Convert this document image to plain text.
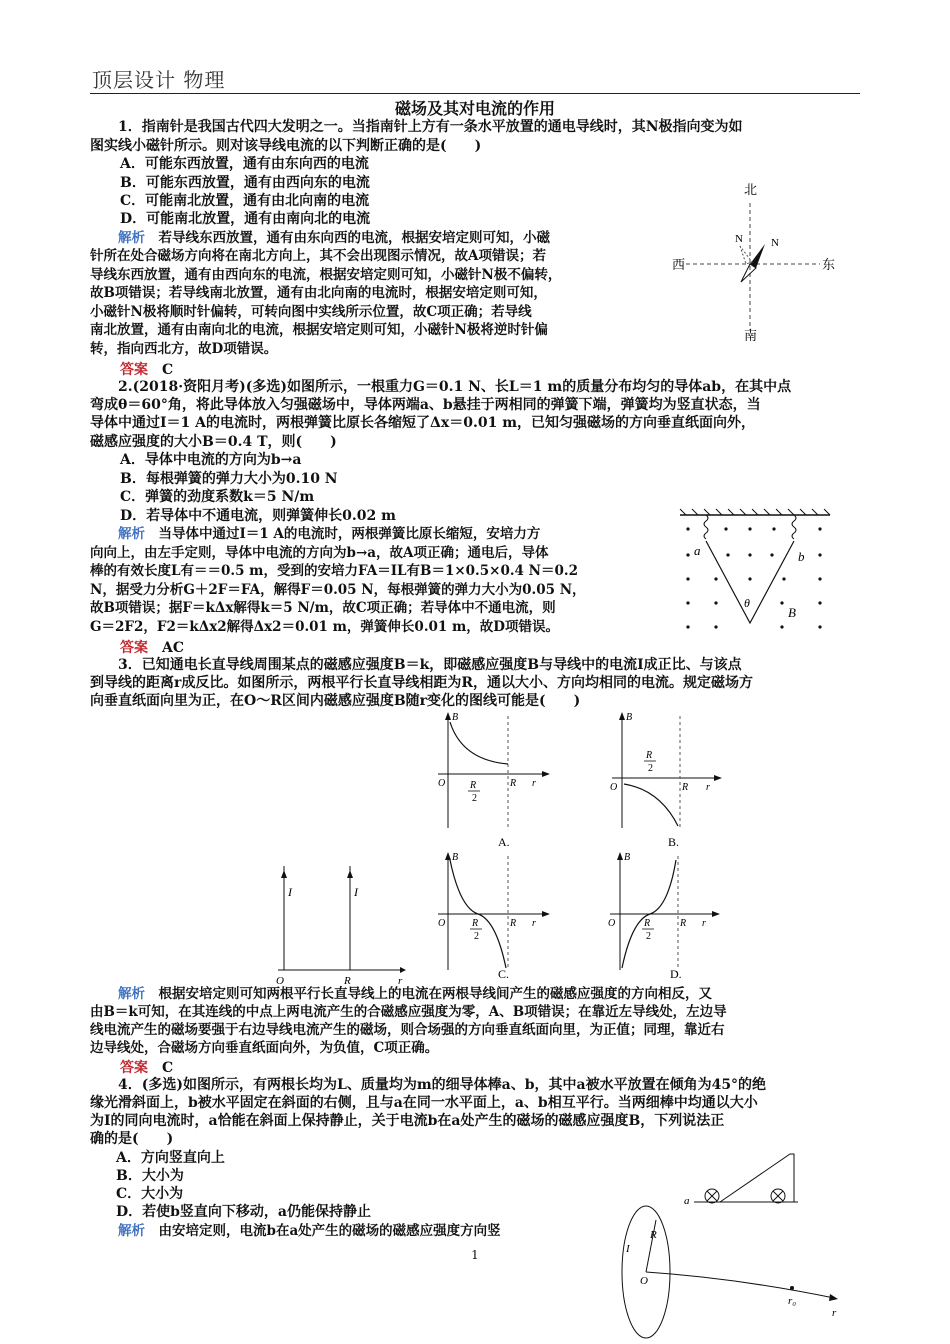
顶层设计 物理
磁场及其对电流的作用
1．指南针是我国古代四大发明之一。当指南针上方有一条水平放置的通电导线时，其N极指向变为如
图实线小磁针所示。则对该导线电流的以下判断正确的是(　　)
A．可能东西放置，通有由东向西的电流
B．可能东西放置，通有由西向东的电流
C．可能南北放置，通有由北向南的电流
D．可能南北放置，通有由南向北的电流
解析　 若导线东西放置，通有由东向西的电流，根据安培定则可知，小磁
针所在处合磁场方向将在南北方向上，其不会出现图示情况，故A项错误；若
导线东西放置，通有由西向东的电流，根据安培定则可知，小磁针N极不偏转，
故B项错误；若导线南北放置，通有由北向南的电流时，根据安培定则可知，
小磁针N极将顺时针偏转，可转向图中实线所示位置，故C项正确；若导线
南北放置，通有由南向北的电流，根据安培定则可知，小磁针N极将逆时针偏
转，指向西北方，故D项错误。
答案　 C
北
南
西	东
N	N
2.(2018·资阳月考)(多选)如图所示，一根重力G＝0.1 N、长L＝1 m的质量分布均匀的导体ab，在其中点
弯成θ＝60°角，将此导体放入匀强磁场中，导体两端a、b悬挂于两相同的弹簧下端，弹簧均为竖直状态，当
导体中通过I＝1 A的电流时，两根弹簧比原长各缩短了Δx＝0.01 m，已知匀强磁场的方向垂直纸面向外，
磁感应强度的大小B＝0.4 T，则(　　)
A．导体中电流的方向为b→a
B．每根弹簧的弹力大小为0.10 N
C．弹簧的劲度系数k＝5 N/m
D．若导体中不通电流，则弹簧伸长0.02 m
解析　 当导体中通过I＝1 A的电流时，两根弹簧比原长缩短，安培力方
向向上，由左手定则，导体中电流的方向为b→a，故A项正确；通电后，导体
棒的有效长度L有＝＝0.5 m，受到的安培力FA＝IL有B＝1×0.5×0.4 N＝0.2
N，据受力分析G＋2F＝FA，解得F＝0.05 N，每根弹簧的弹力大小为0.05 N，
故B项错误；据F＝kΔx解得k＝5 N/m，故C项正确；若导体中不通电流，则
G＝2F2，F2＝kΔx2解得Δx2＝0.01 m，弹簧伸长0.01 m，故D项错误。
答案　 AC
a	b
θ
B
3．已知通电长直导线周围某点的磁感应强度B＝k，即磁感应强度B与导线中的电流I成正比、与该点
到导线的距离r成反比。如图所示，两根平行长直导线相距为R，通以大小、方向均相同的电流。规定磁场方
向垂直纸面向里为正，在O～R区间内磁感应强度B随r变化的图线可能是(　　)
I	I
O	R	r
B
O R
2
R r
A.
B
O
R
2
R r
B.
B
O	R
2
R r
C.
B
O	R
2
R r
D.
解析　 根据安培定则可知两根平行长直导线上的电流在两根导线间产生的磁感应强度的方向相反，又
由B＝k可知，在其连线的中点上两电流产生的合磁感应强度为零，A、B项错误；在靠近左导线处，左边导
线电流产生的磁场要强于右边导线电流产生的磁场，则合场强的方向垂直纸面向里，为正值；同理，靠近右
边导线处，合磁场方向垂直纸面向外，为负值，C项正确。
答案　 C
4．(多选)如图所示，有两根长均为L、质量均为m的细导体棒a、b，其中a被水平放置在倾角为45°的绝
缘光滑斜面上，b被水平固定在斜面的右侧，且与a在同一水平面上，a、b相互平行。当两细棒中均通以大小
为I的同向电流时，a恰能在斜面上保持静止，关于电流b在a处产生的磁场的磁感应强度B，下列说法正
确的是(　　)
A．方向竖直向上
B．大小为
C．大小为
D．若使b竖直向下移动，a仍能保持静止
解析　 由安培定则，电流b在a处产生的磁场的磁感应强度方向竖
a
I
R
O
r₀
r
1
